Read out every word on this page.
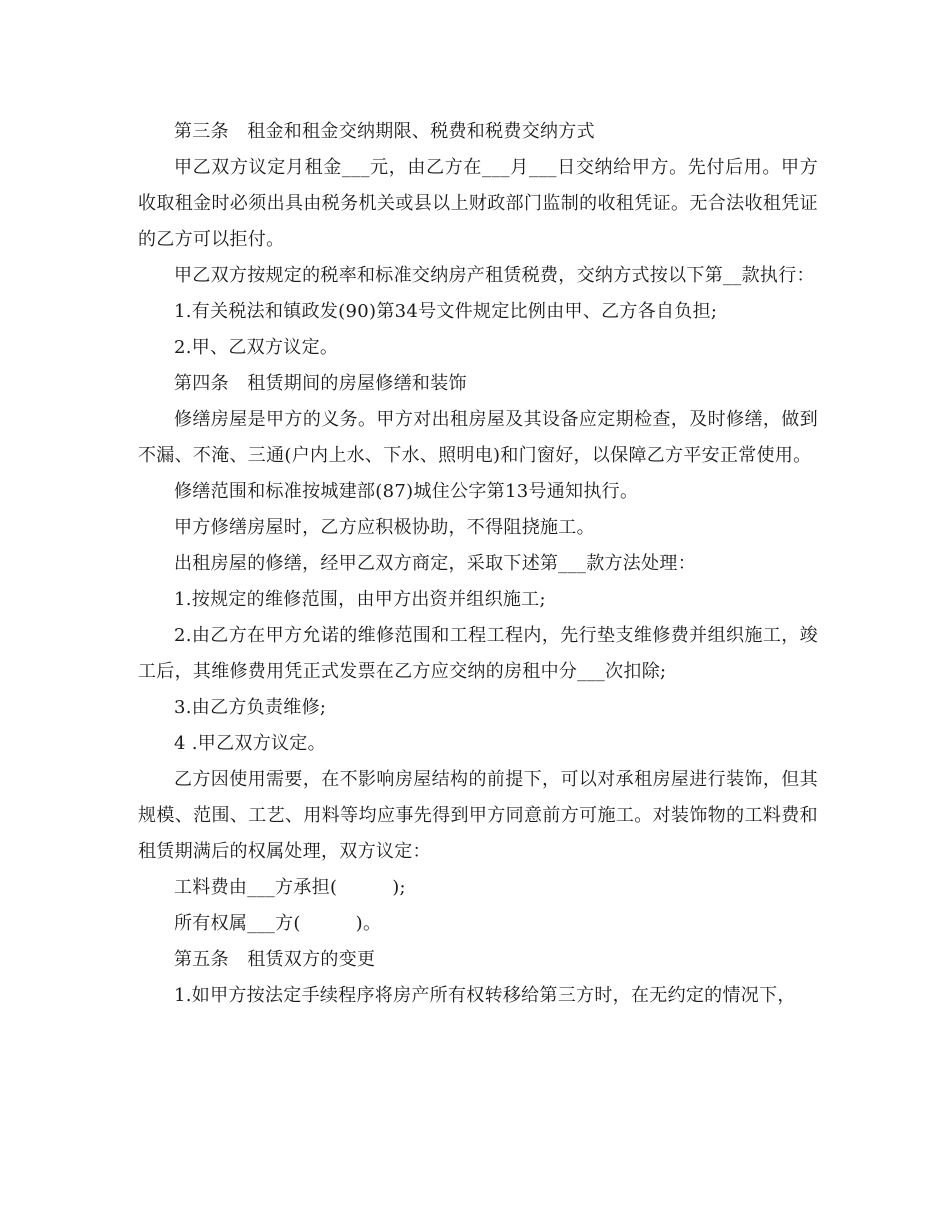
第三条　租金和租金交纳期限、税费和税费交纳方式

甲乙双方议定月租金___元，由乙方在___月___日交纳给甲方。先付后用。甲方收取租金时必须出具由税务机关或县以上财政部门监制的收租凭证。无合法收租凭证的乙方可以拒付。

甲乙双方按规定的税率和标准交纳房产租赁税费，交纳方式按以下第__款执行：

1.有关税法和镇政发(90)第34号文件规定比例由甲、乙方各自负担;

2.甲、乙双方议定。

第四条　租赁期间的房屋修缮和装饰

修缮房屋是甲方的义务。甲方对出租房屋及其设备应定期检查，及时修缮，做到不漏、不淹、三通(户内上水、下水、照明电)和门窗好，以保障乙方平安正常使用。

修缮范围和标准按城建部(87)城住公字第13号通知执行。

甲方修缮房屋时，乙方应积极协助，不得阻挠施工。

出租房屋的修缮，经甲乙双方商定，采取下述第___款方法处理：

1.按规定的维修范围，由甲方出资并组织施工;

2.由乙方在甲方允诺的维修范围和工程工程内，先行垫支维修费并组织施工，竣工后，其维修费用凭正式发票在乙方应交纳的房租中分___次扣除;

3.由乙方负责维修;

4 .甲乙双方议定。

乙方因使用需要，在不影响房屋结构的前提下，可以对承租房屋进行装饰，但其规模、范围、工艺、用料等均应事先得到甲方同意前方可施工。对装饰物的工料费和租赁期满后的权属处理，双方议定：

工料费由___方承担(　　　);

所有权属___方(　　　)。

第五条　租赁双方的变更

1.如甲方按法定手续程序将房产所有权转移给第三方时，在无约定的情况下，
